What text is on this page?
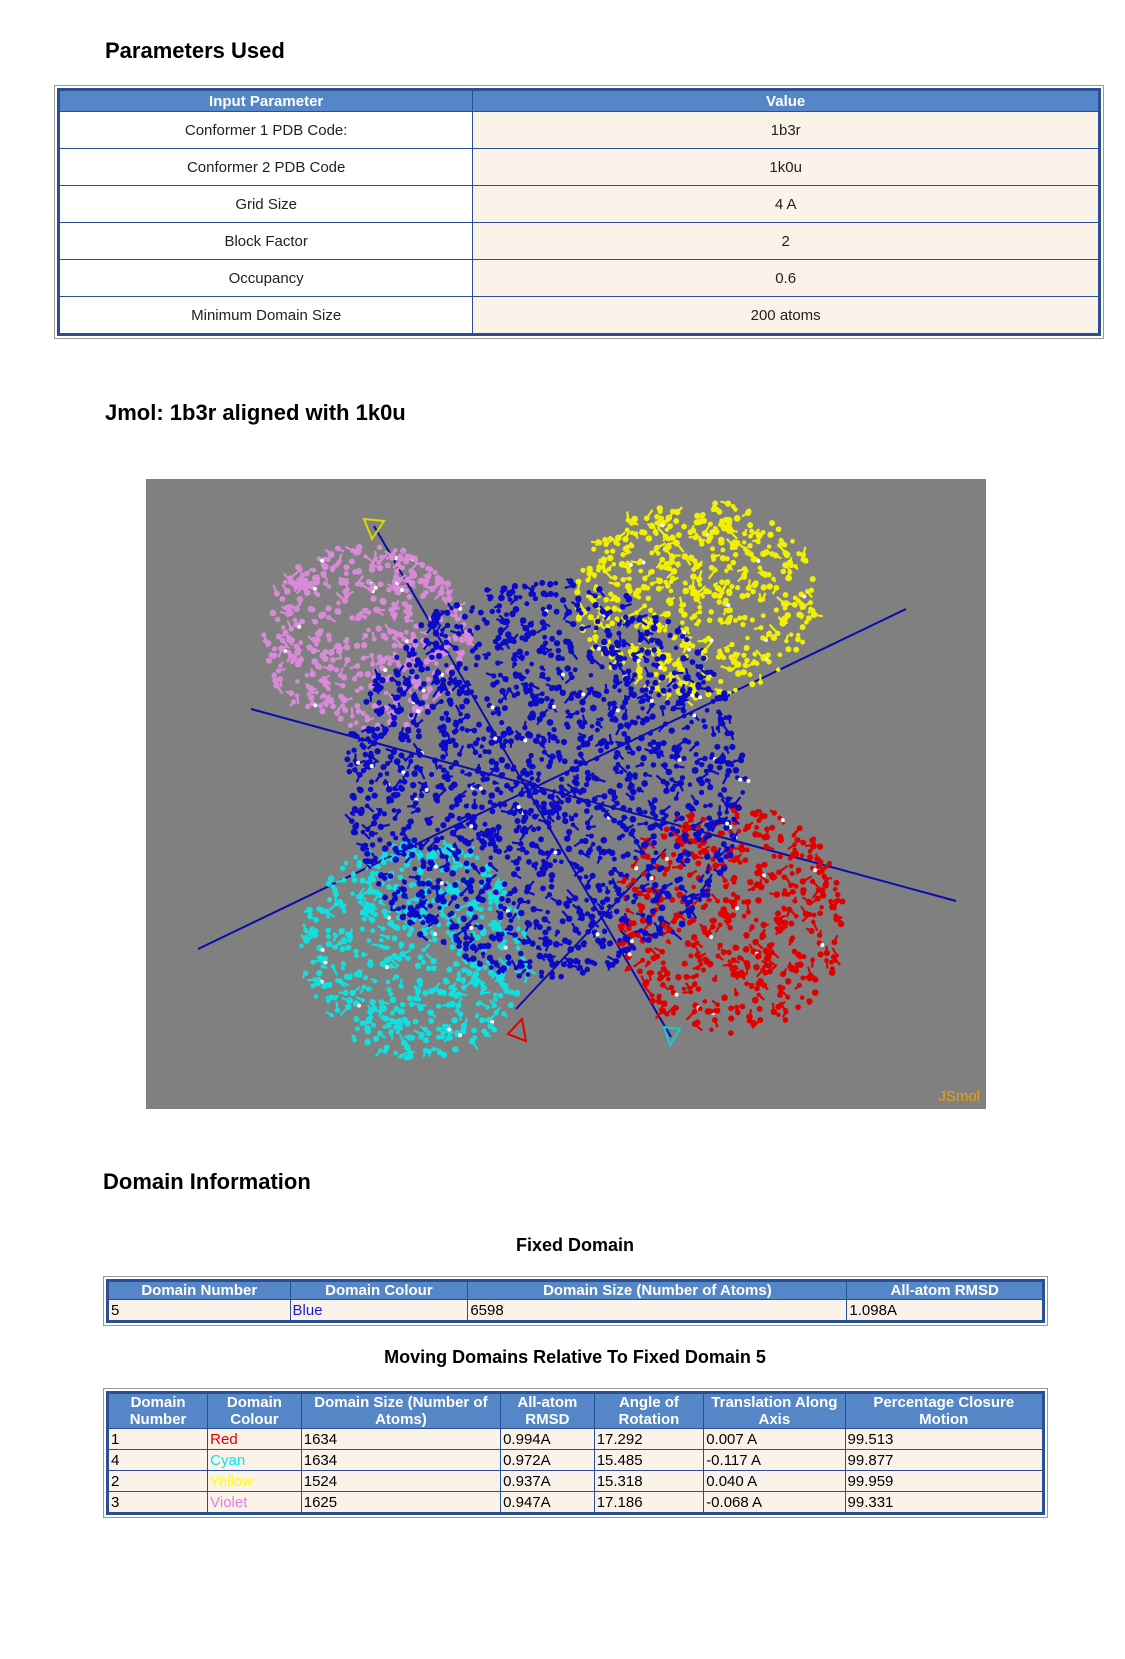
Parameters Used
Input Parameter	Value
Conformer 1 PDB Code:	1b3r
Conformer 2 PDB Code	1k0u
Grid Size	4 A
Block Factor	2
Occupancy	0.6
Minimum Domain Size	200 atoms
Jmol: 1b3r aligned with 1k0u
JSmol
Domain Information
Fixed Domain
Domain Number	Domain Colour	Domain Size (Number of Atoms)	All-atom RMSD
5	Blue	6598	1.098A
Moving Domains Relative To Fixed Domain 5
Domain Number	Domain Colour	Domain Size (Number of Atoms)	All-atom RMSD	Angle of Rotation	Translation Along Axis	Percentage Closure Motion
1	Red	1634	0.994A	17.292	0.007 A	99.513
4	Cyan	1634	0.972A	15.485	-0.117 A	99.877
2	Yellow	1524	0.937A	15.318	0.040 A	99.959
3	Violet	1625	0.947A	17.186	-0.068 A	99.331
